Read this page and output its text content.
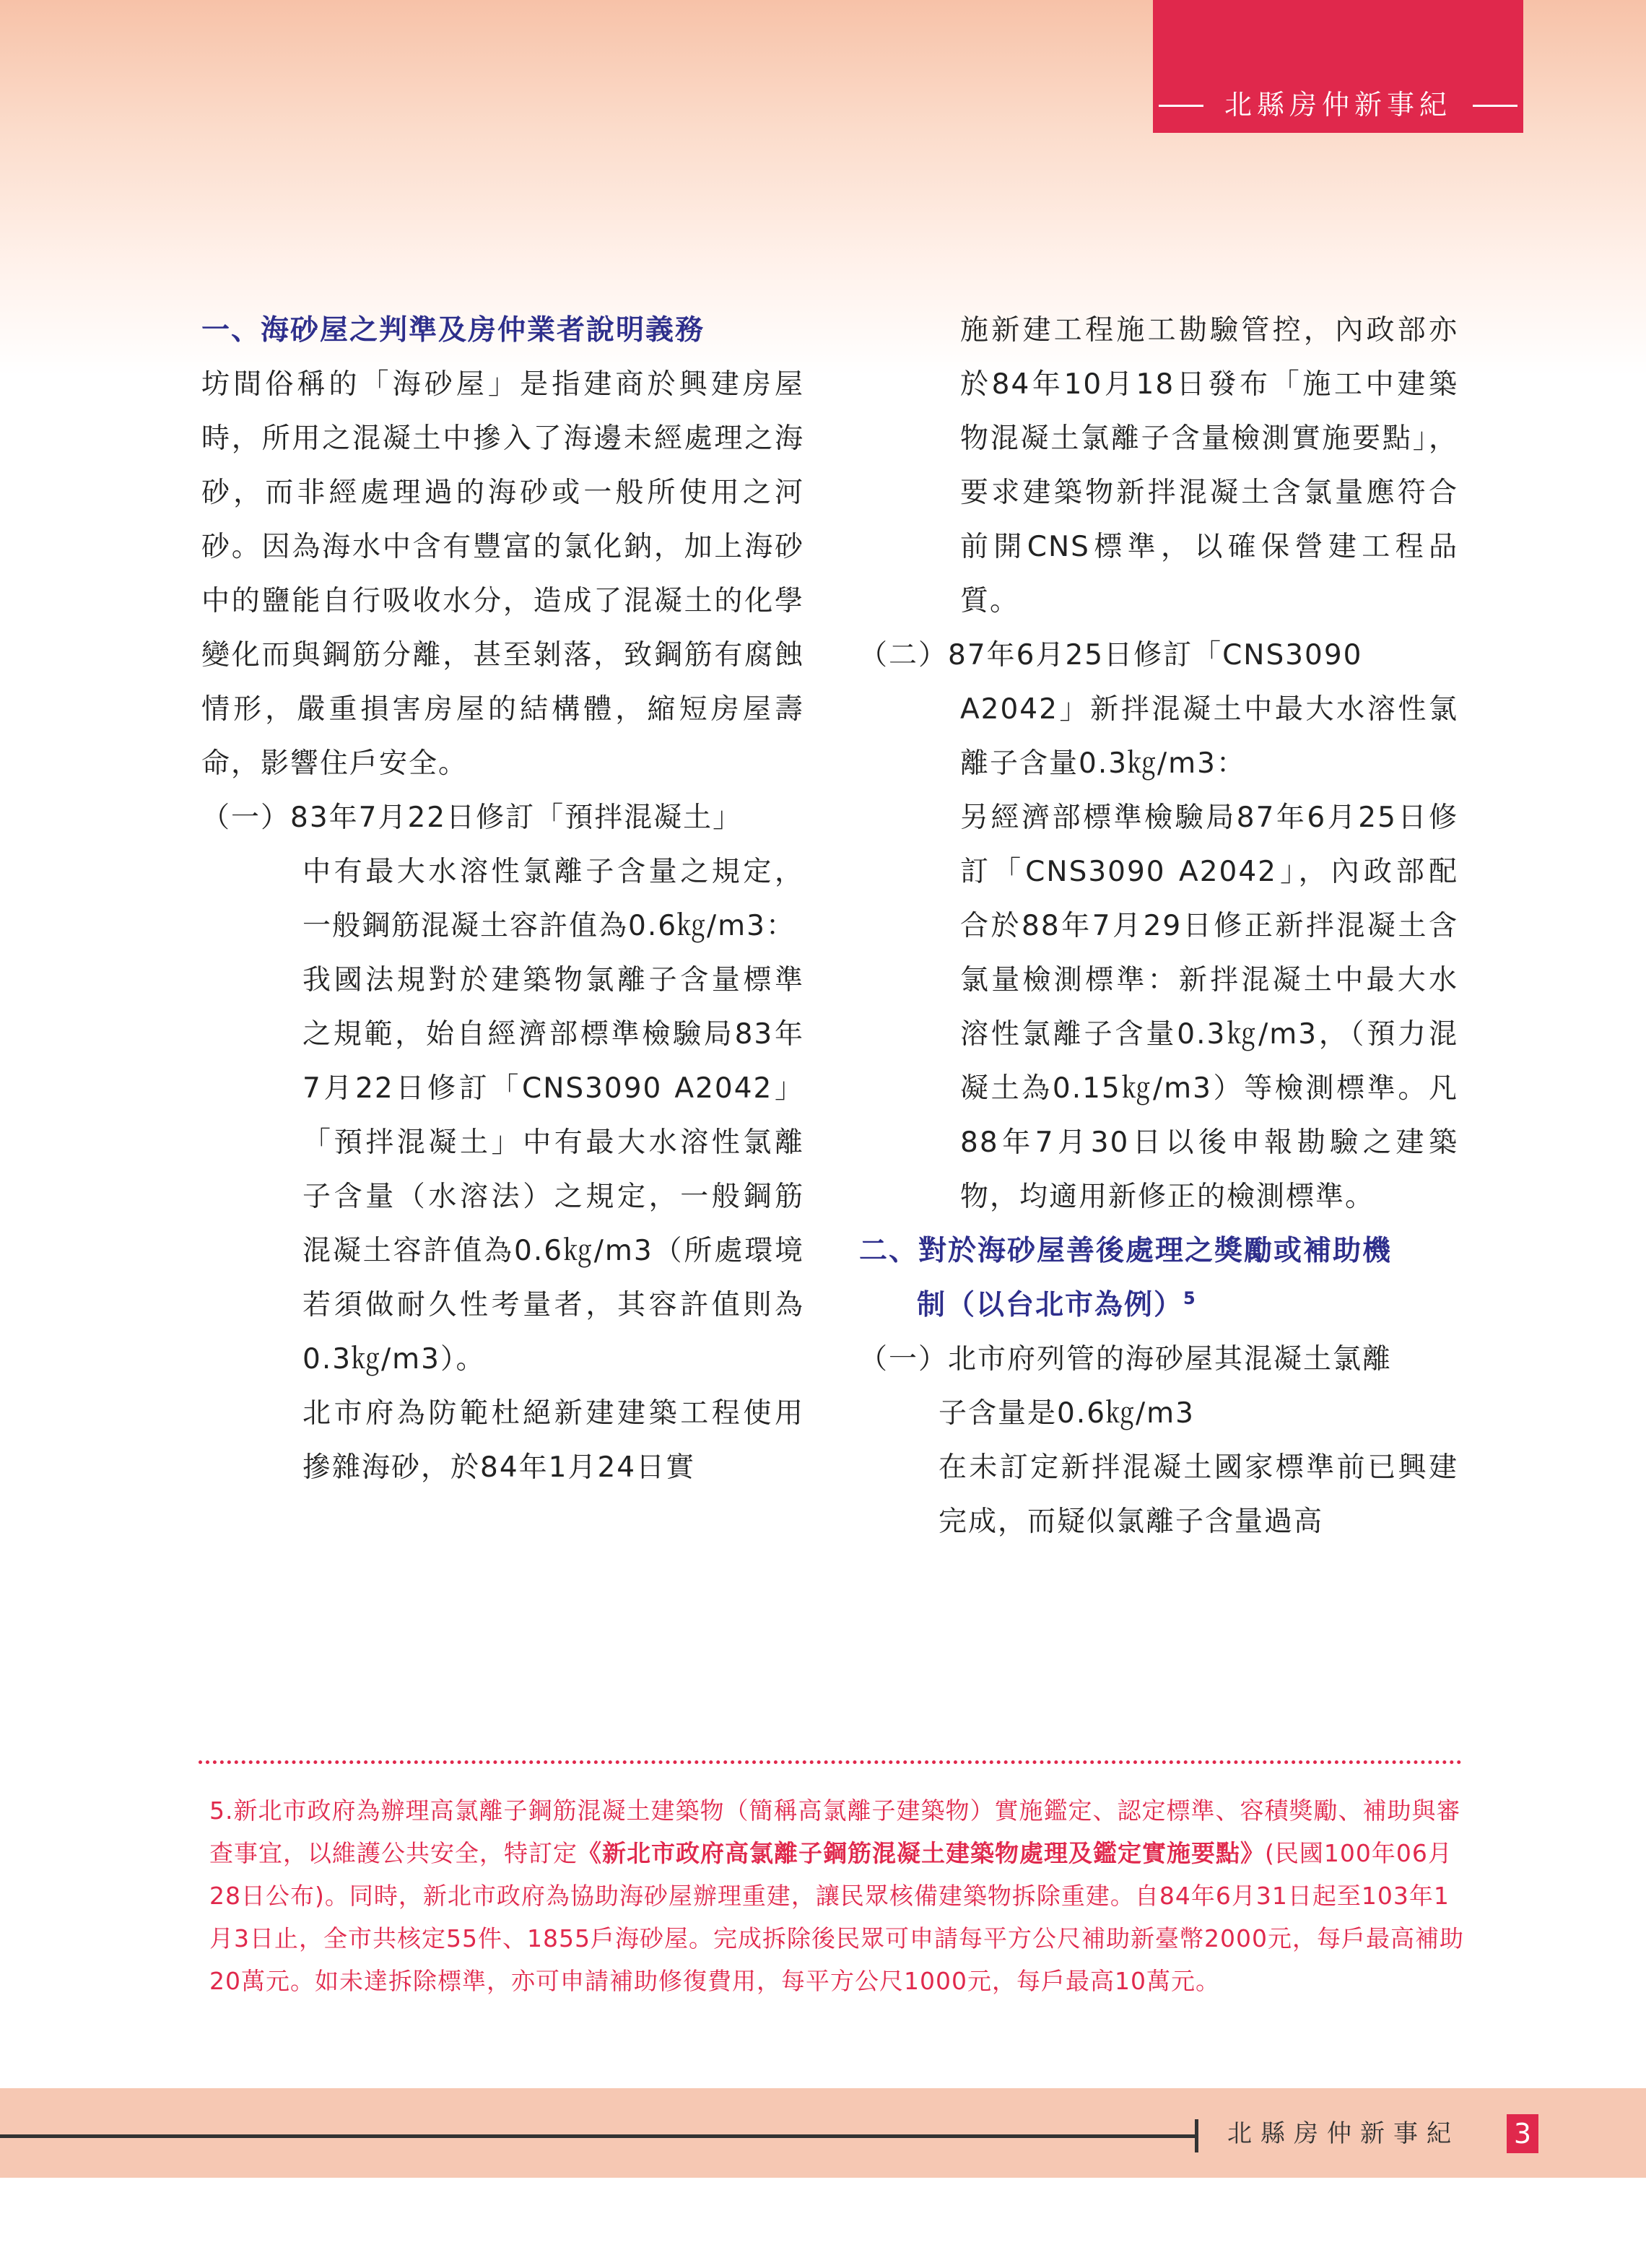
北縣房仲新事紀

一、海砂屋之判準及房仲業者說明義務

坊間俗稱的「海砂屋」是指建商於興建房屋時，所用之混凝土中摻入了海邊未經處理之海砂，而非經處理過的海砂或一般所使用之河砂。因為海水中含有豐富的氯化鈉，加上海砂中的鹽能自行吸收水分，造成了混凝土的化學變化而與鋼筋分離，甚至剝落，致鋼筋有腐蝕情形，嚴重損害房屋的結構體，縮短房屋壽命，影響住戶安全。

（一）83年7月22日修訂「預拌混凝土」

中有最大水溶性氯離子含量之規定，一般鋼筋混凝土容許值為0.6㎏/m3：

我國法規對於建築物氯離子含量標準之規範，始自經濟部標準檢驗局83年7月22日修訂「CNS3090 A2042」「預拌混凝土」中有最大水溶性氯離子含量（水溶法）之規定，一般鋼筋混凝土容許值為0.6㎏/m3（所處環境若須做耐久性考量者，其容許值則為0.3㎏/m3）。

北市府為防範杜絕新建建築工程使用摻雜海砂，於84年1月24日實

施新建工程施工勘驗管控，內政部亦於84年10月18日發布「施工中建築物混凝土氯離子含量檢測實施要點」，要求建築物新拌混凝土含氯量應符合前開CNS標準，以確保營建工程品質。

（二）87年6月25日修訂「CNS3090

A2042」新拌混凝土中最大水溶性氯離子含量0.3㎏/m3：

另經濟部標準檢驗局87年6月25日修訂「CNS3090 A2042」，內政部配合於88年7月29日修正新拌混凝土含氯量檢測標準：新拌混凝土中最大水溶性氯離子含量0.3㎏/m3，（預力混凝土為0.15㎏/m3）等檢測標準。凡88年7月30日以後申報勘驗之建築物，均適用新修正的檢測標準。

二、對於海砂屋善後處理之獎勵或補助機
制（以台北市為例）$^5$

（一）北市府列管的海砂屋其混凝土氯離

子含量是0.6㎏/m3

在未訂定新拌混凝土國家標準前已興建完成，而疑似氯離子含量過高

5.新北市政府為辦理高氯離子鋼筋混凝土建築物（簡稱高氯離子建築物）實施鑑定、認定標準、容積獎勵、補助與審查事宜，以維護公共安全，特訂定《新北市政府高氯離子鋼筋混凝土建築物處理及鑑定實施要點》(民國100年06月28日公布)。同時，新北市政府為協助海砂屋辦理重建，讓民眾核備建築物拆除重建。自84年6月31日起至103年1月3日止，全市共核定55件、1855戶海砂屋。完成拆除後民眾可申請每平方公尺補助新臺幣2000元，每戶最高補助20萬元。如未達拆除標準，亦可申請補助修復費用，每平方公尺1000元，每戶最高10萬元。
北縣房仲新事紀 3
